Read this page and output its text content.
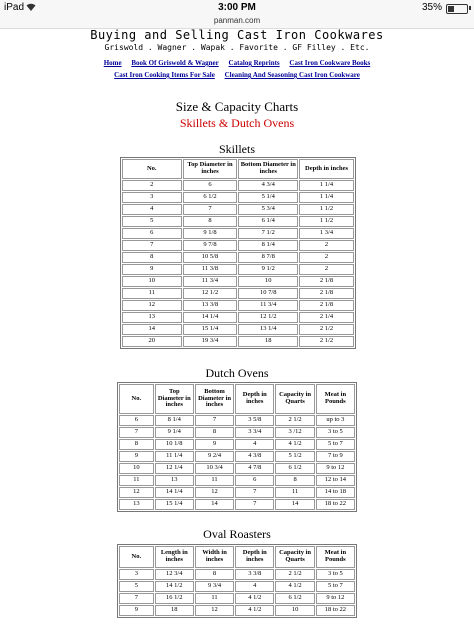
iPad	3:00 PM	35%
panman.com
Buying and Selling Cast Iron Cookwares
Griswold . Wagner . Wapak . Favorite . GF Filley . Etc.
Home Book Of Griswold & Wagner Catalog Reprints Cast Iron Cookware Books
Cast Iron Cooking Items For Sale Cleaning And Seasoning Cast Iron Cookware
Size & Capacity Charts
Skillets & Dutch Ovens
Skillets
No.	Top Diameter in inches	Bottom Diameter in inches	Depth in inches
2	6	4 3/4	1 1/4
3	6 1/2	5 1/4	1 1/4
4	7	5 3/4	1 1/2
5	8	6 1/4	1 1/2
6	9 1/8	7 1/2	1 3/4
7	9 7/8	8 1/4	2
8	10 5/8	8 7/8	2
9	11 3/8	9 1/2	2
10	11 3/4	10	2 1/8
11	12 1/2	10 7/8	2 1/8
12	13 3/8	11 3/4	2 1/8
13	14 1/4	12 1/2	2 1/4
14	15 1/4	13 1/4	2 1/2
20	19 3/4	18	2 1/2
Dutch Ovens
No.	Top Diameter in inches	Bottom Diameter in inches	Depth in inches	Capacity in Quarts	Meat in Pounds
6	8 1/4	7	3 5/8	2 1/2	up to 3
7	9 1/4	8	3 3/4	3 /12	3 to 5
8	10 1/8	9	4	4 1/2	5 to 7
9	11 1/4	9 2/4	4 3/8	5 1/2	7 to 9
10	12 1/4	10 3/4	4 7/8	6 1/2	9 to 12
11	13	11	6	8	12 to 14
12	14 1/4	12	7	11	14 to 18
13	15 1/4	14	7	14	18 to 22
Oval Roasters
No.	Length in inches	Width in inches	Depth in inches	Capacity in Quarts	Meat in Pounds
3	12 3/4	8	3 3/8	2 1/2	3 to 5
5	14 1/2	9 3/4	4	4 1/2	5 to 7
7	16 1/2	11	4 1/2	6 1/2	9 to 12
9	18	12	4 1/2	10	18 to 22
